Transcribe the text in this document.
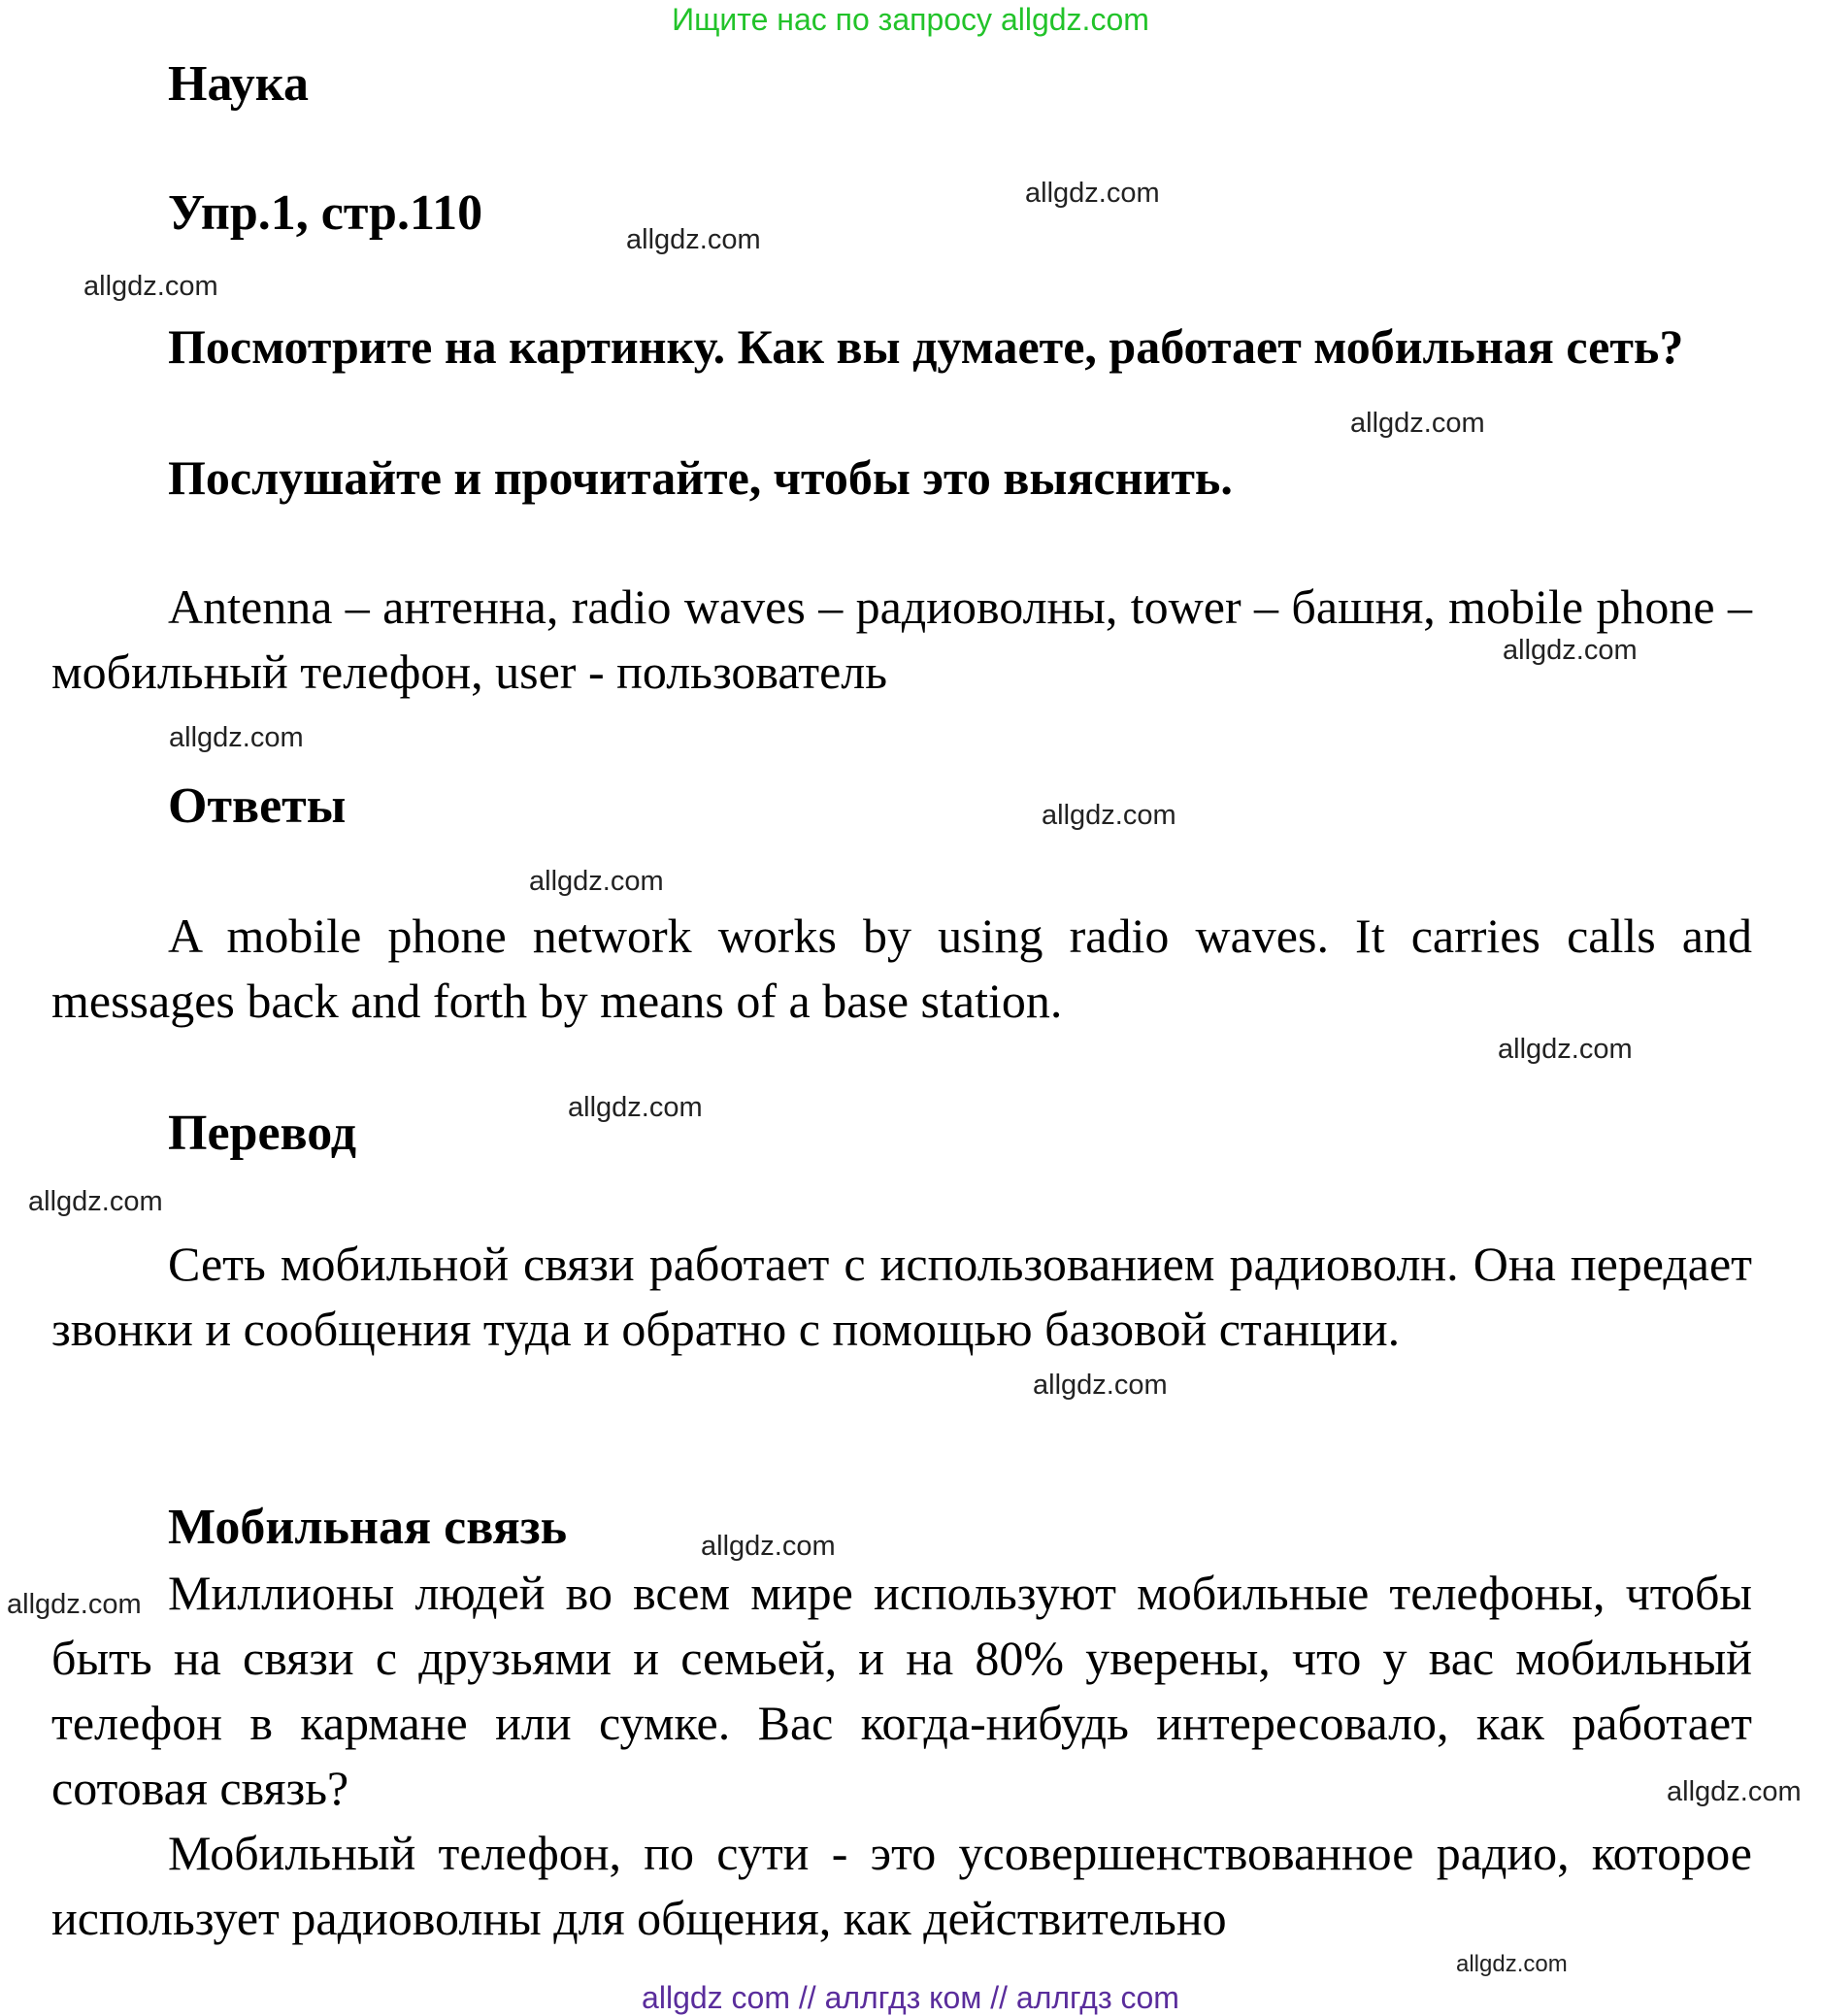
Ищите нас по запросу allgdz.com
Наука
Упр.1, стр.110
Посмотрите на картинку. Как вы думаете, работает мобильная сеть?
Послушайте и прочитайте, чтобы это выяснить.
Antenna – антенна, radio waves – радиоволны, tower – башня, mobile phone – мобильный телефон, user - пользователь
Ответы
A mobile phone network works by using radio waves. It carries calls and messages back and forth by means of a base station.
Перевод
Сеть мобильной связи работает с использованием радиоволн. Она передает звонки и сообщения туда и обратно с помощью базовой станции.
Мобильная связь

Миллионы людей во всем мире используют мобильные телефоны, чтобы быть на связи с друзьями и семьей, и на 80% уверены, что у вас мобильный телефон в кармане или сумке. Вас когда-нибудь интересовало, как работает сотовая связь?

Мобильный телефон, по сути - это усовершенствованное радио, которое использует радиоволны для общения, как действительно

allgdz.com
allgdz.com
allgdz.com
allgdz.com
allgdz.com
allgdz.com
allgdz.com
allgdz.com
allgdz.com
allgdz.com
allgdz.com
allgdz.com
allgdz.com
allgdz.com
allgdz.com
allgdz.com
allgdz com // аллгдз ком // аллгдз com
